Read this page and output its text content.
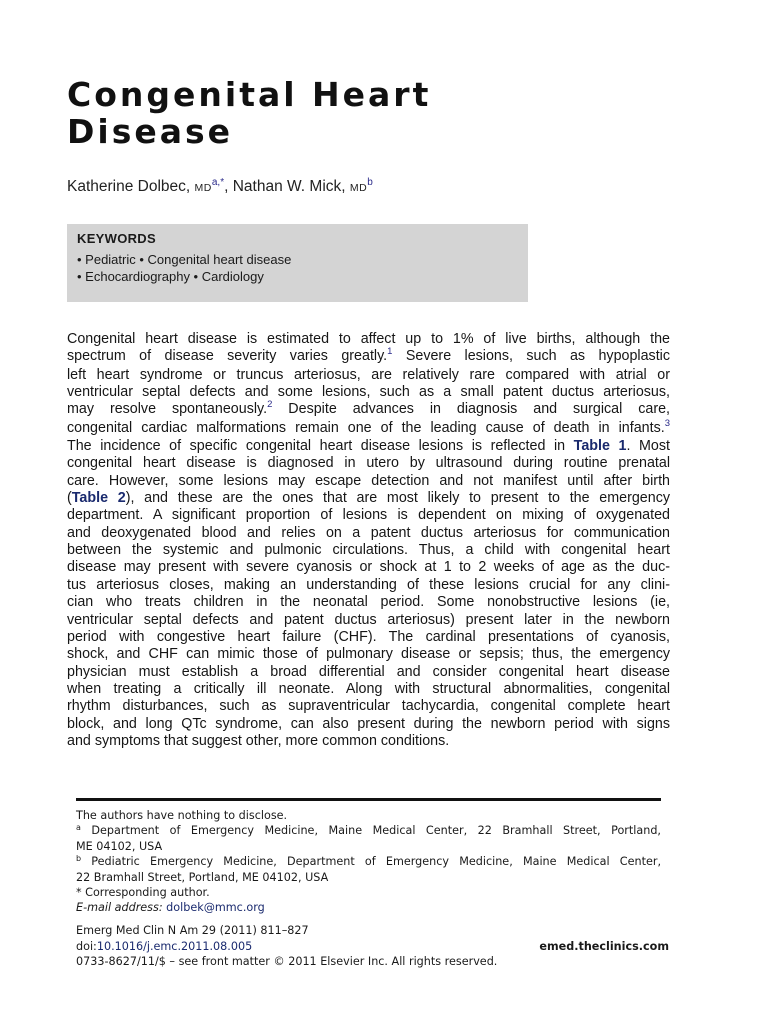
Congenital Heart
Disease
Katherine Dolbec, MD$^{a,*}$, Nathan W. Mick, MD$^b$
KEYWORDS
• Pediatric • Congenital heart disease
• Echocardiography • Cardiology
Congenital heart disease is estimated to affect up to 1% of live births, although the
spectrum of disease severity varies greatly.$^1$ Severe lesions, such as hypoplastic
left heart syndrome or truncus arteriosus, are relatively rare compared with atrial or
ventricular septal defects and some lesions, such as a small patent ductus arteriosus,
may resolve spontaneously.$^2$ Despite advances in diagnosis and surgical care,
congenital cardiac malformations remain one of the leading cause of death in infants.$^3$
The incidence of specific congenital heart disease lesions is reflected in Table 1. Most
congenital heart disease is diagnosed in utero by ultrasound during routine prenatal
care. However, some lesions may escape detection and not manifest until after birth
(Table 2), and these are the ones that are most likely to present to the emergency
department. A significant proportion of lesions is dependent on mixing of oxygenated
and deoxygenated blood and relies on a patent ductus arteriosus for communication
between the systemic and pulmonic circulations. Thus, a child with congenital heart
disease may present with severe cyanosis or shock at 1 to 2 weeks of age as the duc-
tus arteriosus closes, making an understanding of these lesions crucial for any clini-
cian who treats children in the neonatal period. Some nonobstructive lesions (ie,
ventricular septal defects and patent ductus arteriosus) present later in the newborn
period with congestive heart failure (CHF). The cardinal presentations of cyanosis,
shock, and CHF can mimic those of pulmonary disease or sepsis; thus, the emergency
physician must establish a broad differential and consider congenital heart disease
when treating a critically ill neonate. Along with structural abnormalities, congenital
rhythm disturbances, such as supraventricular tachycardia, congenital complete heart
block, and long QTc syndrome, can also present during the newborn period with signs
and symptoms that suggest other, more common conditions.
The authors have nothing to disclose.
$^a$ Department of Emergency Medicine, Maine Medical Center, 22 Bramhall Street, Portland,
ME 04102, USA
$^b$ Pediatric Emergency Medicine, Department of Emergency Medicine, Maine Medical Center,
22 Bramhall Street, Portland, ME 04102, USA
* Corresponding author.
E-mail address: dolbek@mmc.org
Emerg Med Clin N Am 29 (2011) 811–827
doi:10.1016/j.emc.2011.08.005	emed.theclinics.com
0733-8627/11/$ – see front matter © 2011 Elsevier Inc. All rights reserved.
